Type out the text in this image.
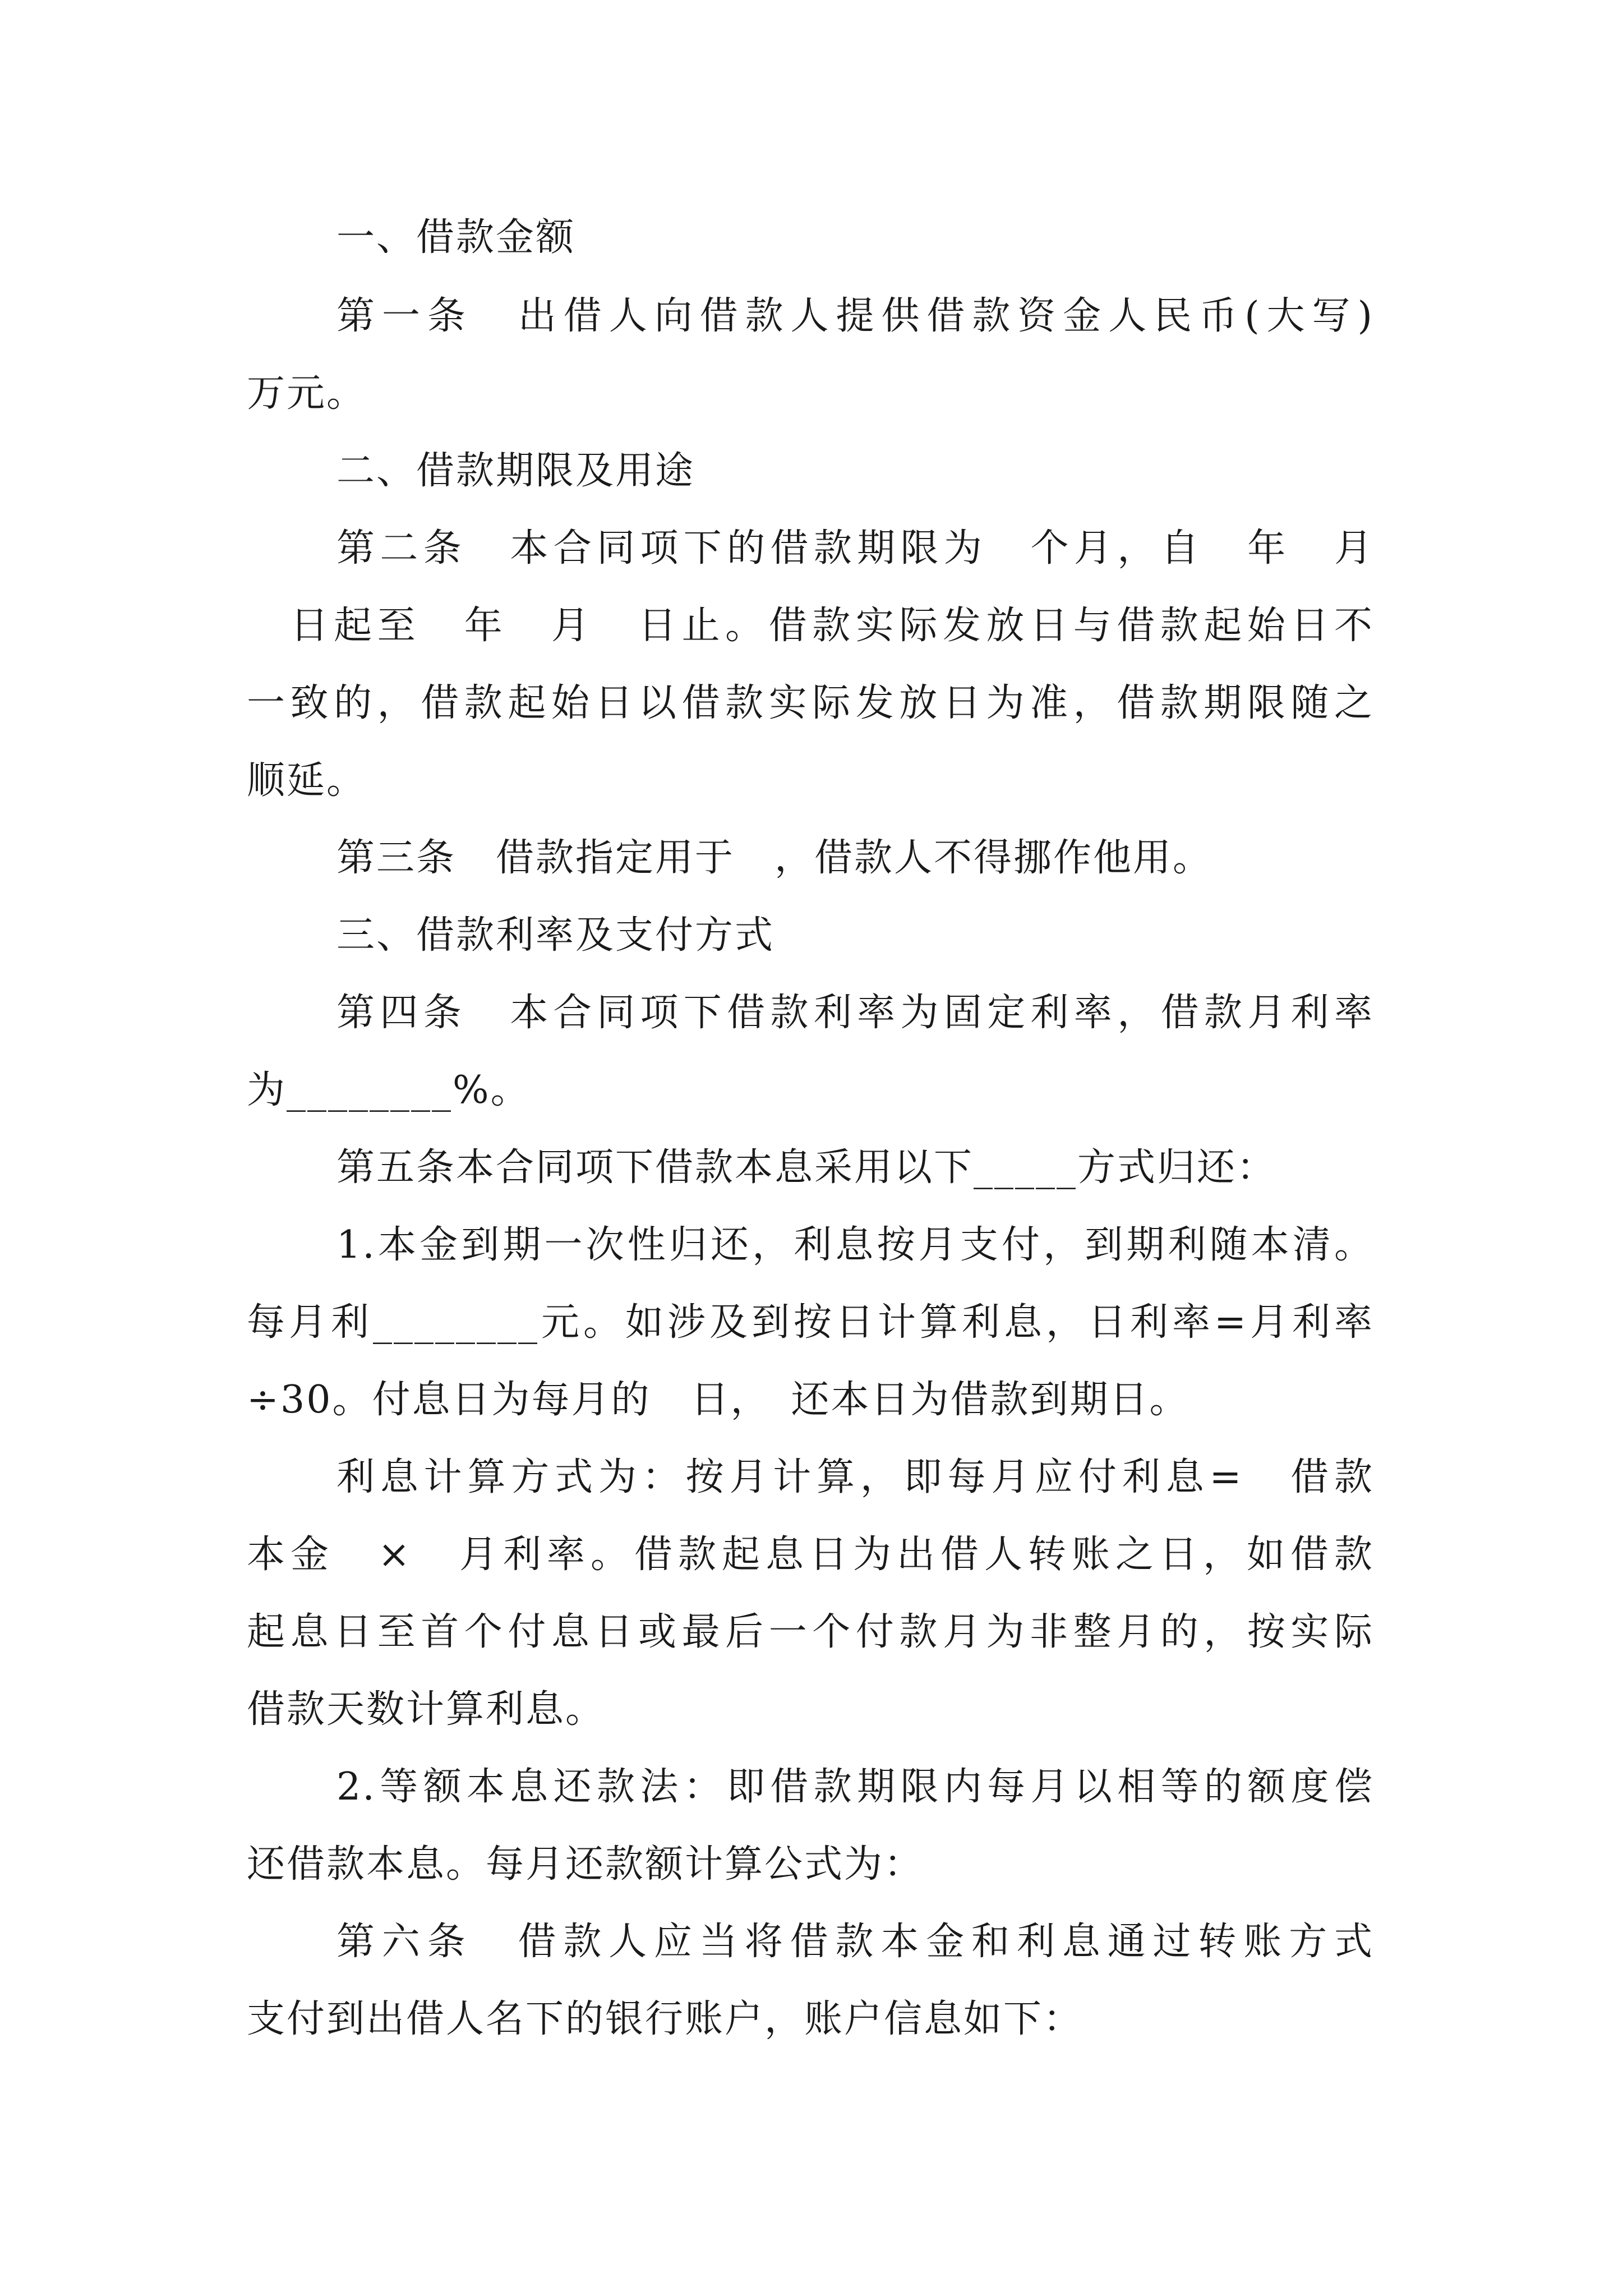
一、借款金额
第一条　出借人向借款人提供借款资金人民币(大写)
万元。
二、借款期限及用途
第二条　本合同项下的借款期限为　个月，自　年　月
　日起至　年　月　日止。借款实际发放日与借款起始日不
一致的，借款起始日以借款实际发放日为准，借款期限随之
顺延。
第三条　借款指定用于　，借款人不得挪作他用。
三、借款利率及支付方式
第四条　本合同项下借款利率为固定利率，借款月利率
为________%。
第五条本合同项下借款本息采用以下_____方式归还：
1.本金到期一次性归还，利息按月支付，到期利随本清。
每月利________元。如涉及到按日计算利息，日利率=月利率
÷30。付息日为每月的　日，　还本日为借款到期日。
利息计算方式为：按月计算，即每月应付利息=　借款
本金　×　月利率。借款起息日为出借人转账之日，如借款
起息日至首个付息日或最后一个付款月为非整月的，按实际
借款天数计算利息。
2.等额本息还款法：即借款期限内每月以相等的额度偿
还借款本息。每月还款额计算公式为：
第六条　借款人应当将借款本金和利息通过转账方式
支付到出借人名下的银行账户，账户信息如下：
